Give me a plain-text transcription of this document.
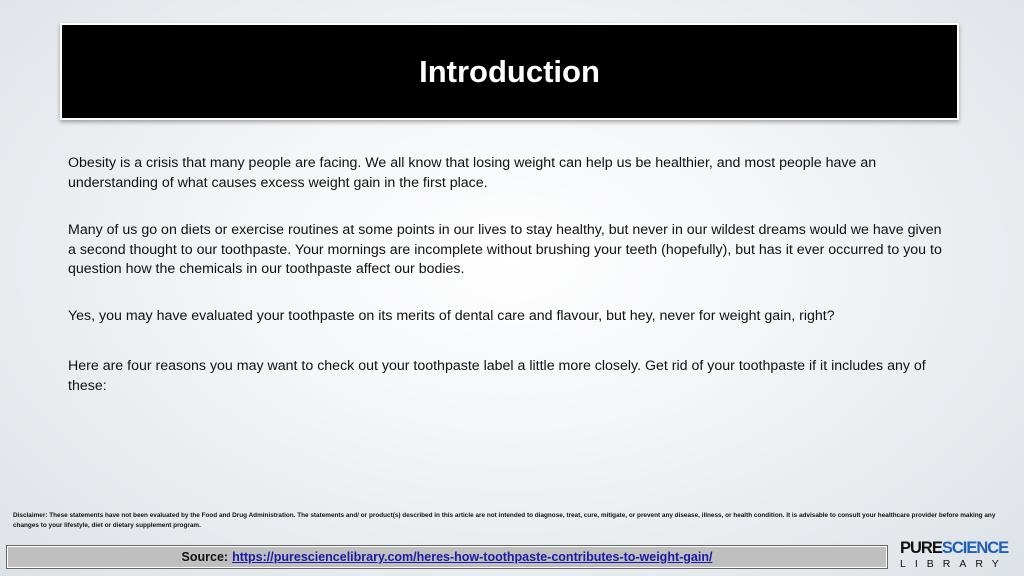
Introduction

Obesity is a crisis that many people are facing. We all know that losing weight can help us be healthier, and most people have an understanding of what causes excess weight gain in the first place.

Many of us go on diets or exercise routines at some points in our lives to stay healthy, but never in our wildest dreams would we have given a second thought to our toothpaste. Your mornings are incomplete without brushing your teeth (hopefully), but has it ever occurred to you to question how the chemicals in our toothpaste affect our bodies.

Yes, you may have evaluated your toothpaste on its merits of dental care and flavour, but hey, never for weight gain, right?

Here are four reasons you may want to check out your toothpaste label a little more closely. Get rid of your toothpaste if it includes any of these:

Disclaimer: These statements have not been evaluated by the Food and Drug Administration. The statements and/ or product(s) described in this article are not intended to diagnose, treat, cure, mitigate, or prevent any disease, illness, or health condition. It is advisable to consult your healthcare provider before making any changes to your lifestyle, diet or dietary supplement program.
Source: https://puresciencelibrary.com/heres-how-toothpaste-contributes-to-weight-gain/	PURESCIENCE
LIBRARY
